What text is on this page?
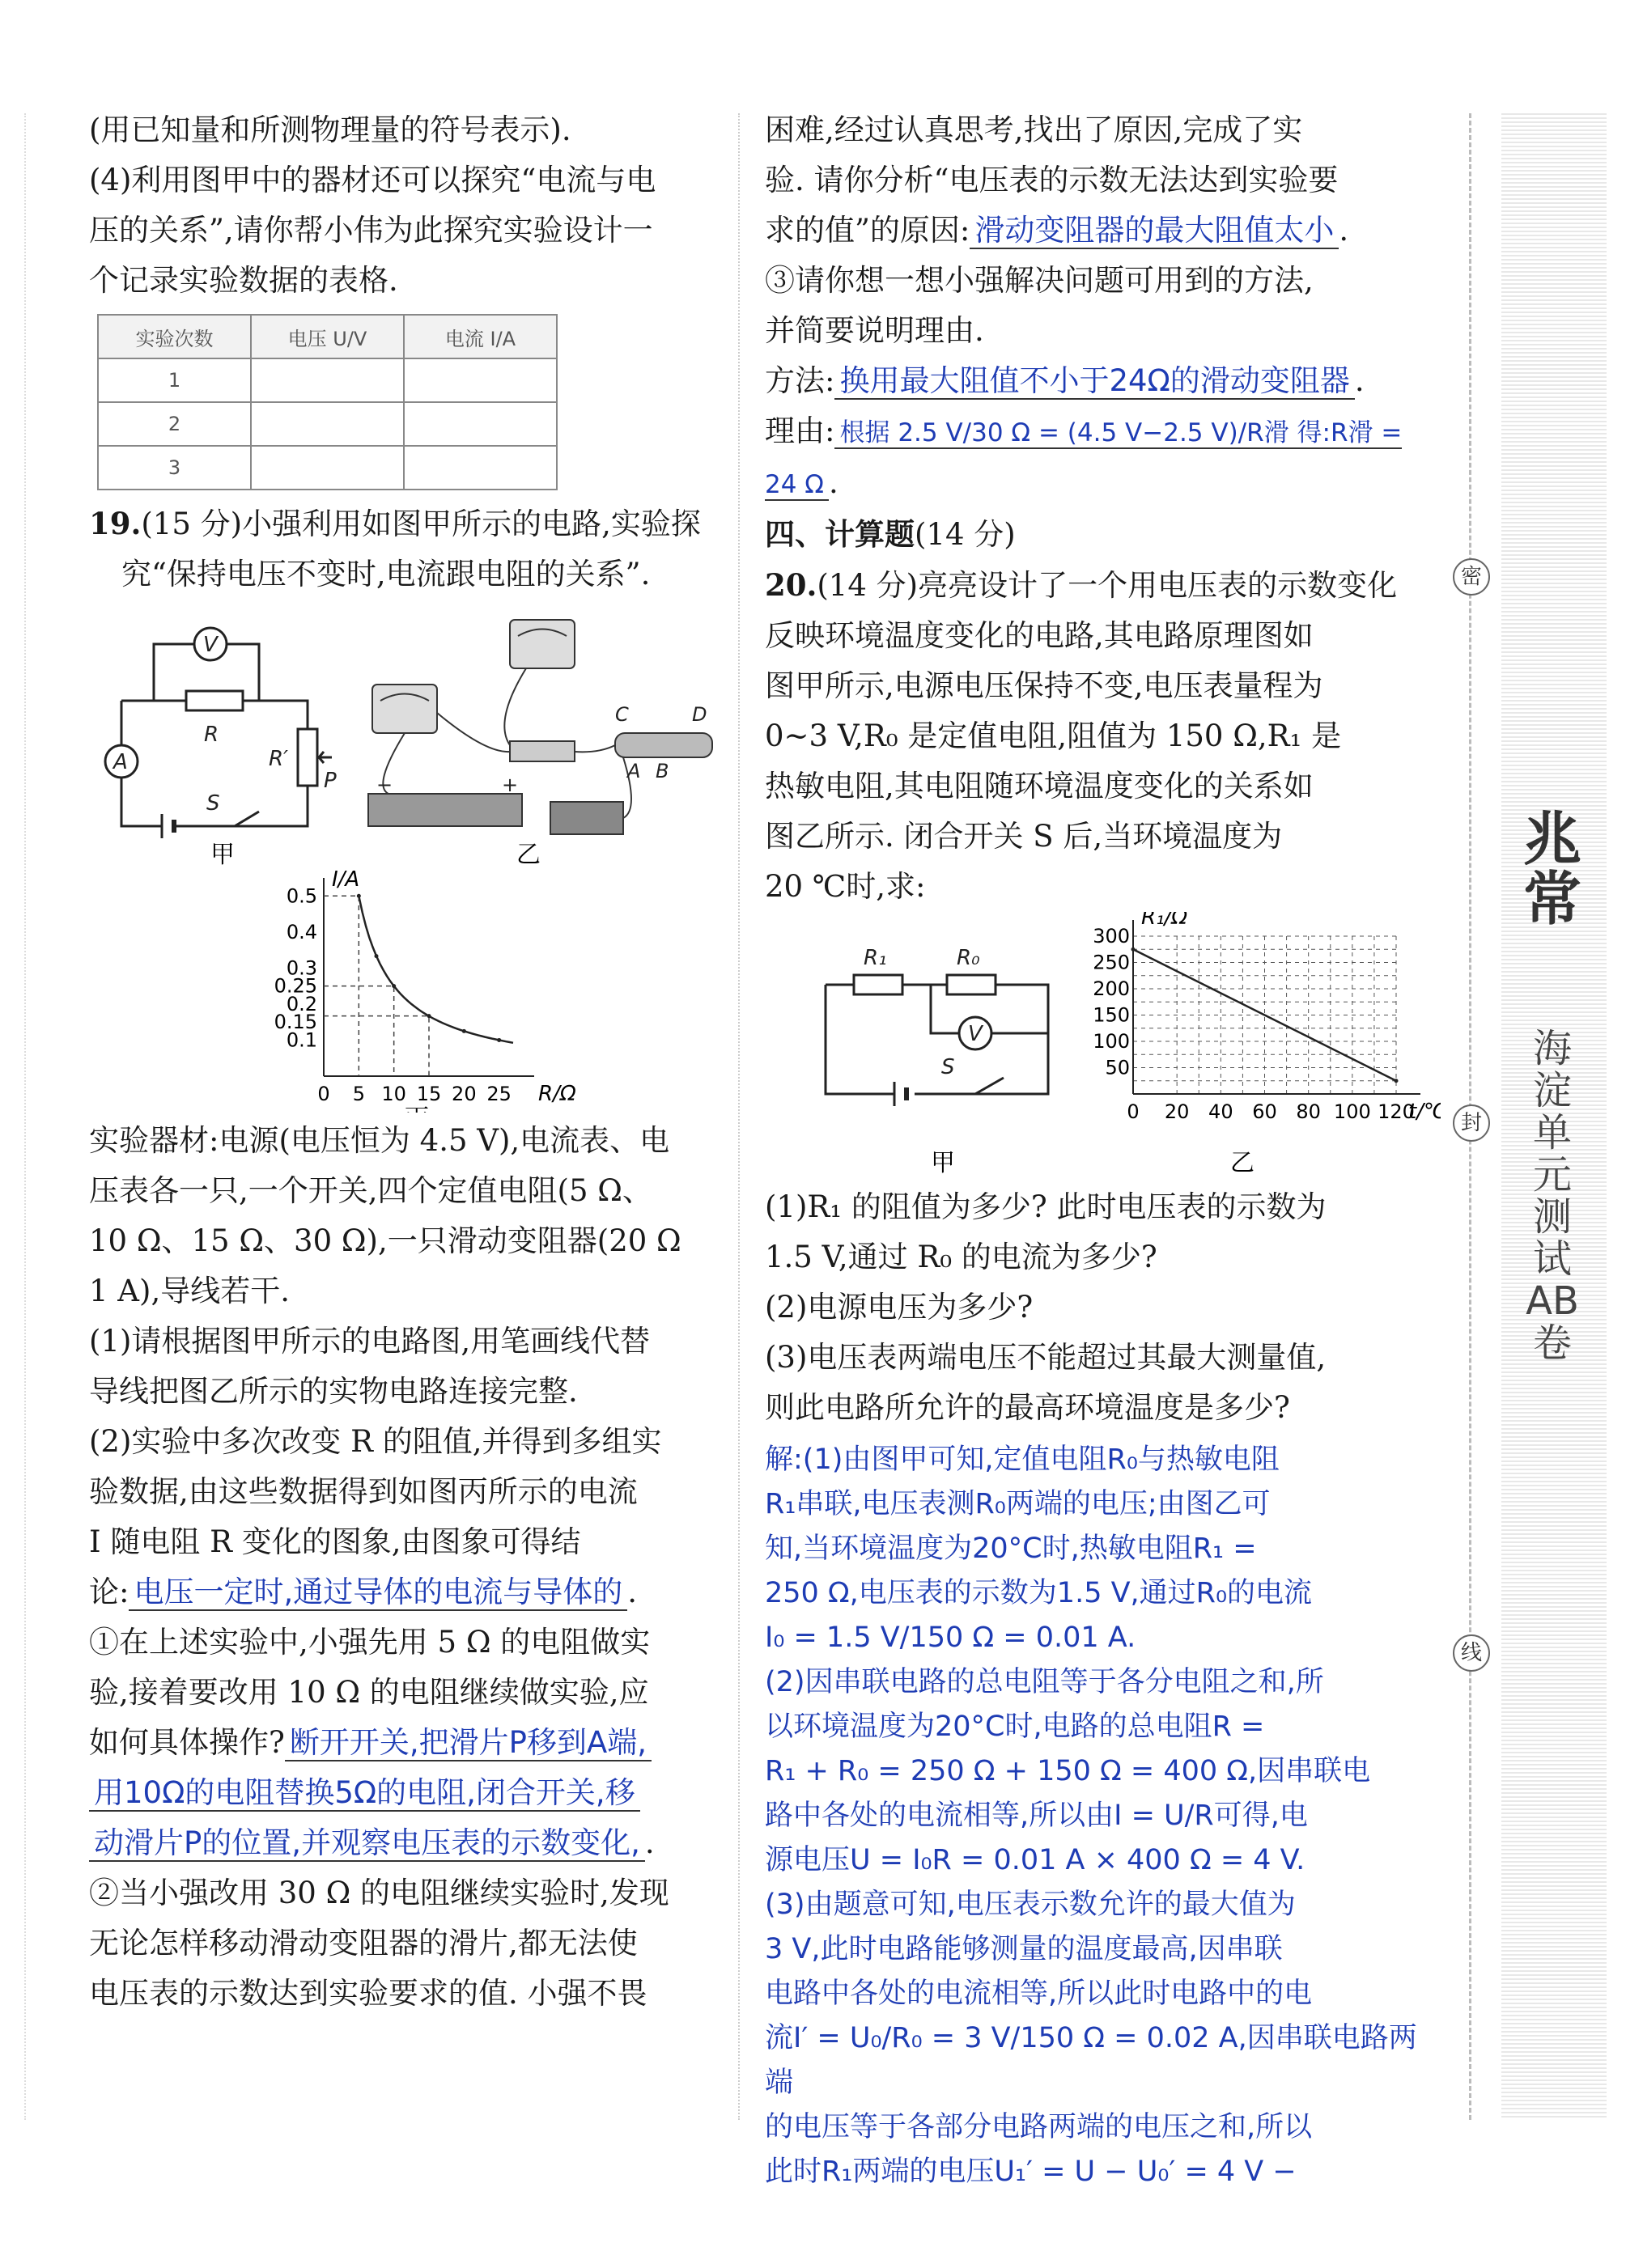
(用已知量和所测物理量的符号表示).

(4)利用图甲中的器材还可以探究“电流与电

压的关系”,请你帮小伟为此探究实验设计一

个记录实验数据的表格.

实验次数	电压 U/V	电流 I/A
1		
2		
3		

19.(15 分)小强利用如图甲所示的电路,实验探

究“保持电压不变时,电流跟电阻的关系”.

V
A
R
R′
P
S
甲
C	D
A B
−	+
乙

0 5 10 15 20 25
0.1
0.15
0.2
0.25
0.3
0.4
0.5
R/Ω
I/A

实验器材:电源(电压恒为 4.5 V),电流表、电

压表各一只,一个开关,四个定值电阻(5 Ω、

10 Ω、15 Ω、30 Ω),一只滑动变阻器(20 Ω

1 A),导线若干.

(1)请根据图甲所示的电路图,用笔画线代替

导线把图乙所示的实物电路连接完整.

(2)实验中多次改变 R 的阻值,并得到多组实

验数据,由这些数据得到如图丙所示的电流

I 随电阻 R 变化的图象,由图象可得结

论: 电压一定时,通过导体的电流与导体的 .

①在上述实验中,小强先用 5 Ω 的电阻做实

验,接着要改用 10 Ω 的电阻继续做实验,应

如何具体操作? 断开开关,把滑片P移到A端,

用10Ω的电阻替换5Ω的电阻,闭合开关,移

动滑片P的位置,并观察电压表的示数变化, .

②当小强改用 30 Ω 的电阻继续实验时,发现

无论怎样移动滑动变阻器的滑片,都无法使

电压表的示数达到实验要求的值. 小强不畏

困难,经过认真思考,找出了原因,完成了实

验. 请你分析“电压表的示数无法达到实验要

求的值”的原因: 滑动变阻器的最大阻值太小 .

③请你想一想小强解决问题可用到的方法,

并简要说明理由.

方法: 换用最大阻值不小于24Ω的滑动变阻器 .

理由: 根据 2.5 V/30 Ω = (4.5 V−2.5 V)/R滑 得:R滑 = 24 Ω .

四、计算题(14 分)

20.(14 分)亮亮设计了一个用电压表的示数变化

反映环境温度变化的电路,其电路原理图如

图甲所示,电源电压保持不变,电压表量程为

0~3 V,R₀ 是定值电阻,阻值为 150 Ω,R₁ 是

热敏电阻,其电阻随环境温度变化的关系如

图乙所示. 闭合开关 S 后,当环境温度为

20 ℃时,求:

R₁	R₀
V
S
甲
0 20 40 60 80 100 120
50
100
150
200
250
300
t/
R₁/Ω
乙

(1)R₁ 的阻值为多少? 此时电压表的示数为

1.5 V,通过 R₀ 的电流为多少?

(2)电源电压为多少?

(3)电压表两端电压不能超过其最大测量值,

则此电路所允许的最高环境温度是多少?

解:(1)由图甲可知,定值电阻R₀与热敏电阻
R₁串联,电压表测R₀两端的电压;由图乙可
知,当环境温度为20°C时,热敏电阻R₁ =
250 Ω,电压表的示数为1.5 V,通过R₀的电流
I₀ = 1.5 V/150 Ω = 0.01 A.
(2)因串联电路的总电阻等于各分电阻之和,所
以环境温度为20°C时,电路的总电阻R =
R₁ + R₀ = 250 Ω + 150 Ω = 400 Ω,因串联电
路中各处的电流相等,所以由I = U/R可得,电
源电压U = I₀R = 0.01 A × 400 Ω = 4 V.
(3)由题意可知,电压表示数允许的最大值为
3 V,此时电路能够测量的温度最高,因串联
电路中各处的电流相等,所以此时电路中的电
流I′ = U₀/R₀ = 3 V/150 Ω = 0.02 A,因串联电路两端
的电压等于各部分电路两端的电压之和,所以
此时R₁两端的电压U₁′ = U − U₀′ = 4 V −
密
封
线
兆常
海淀单元测试AB卷
